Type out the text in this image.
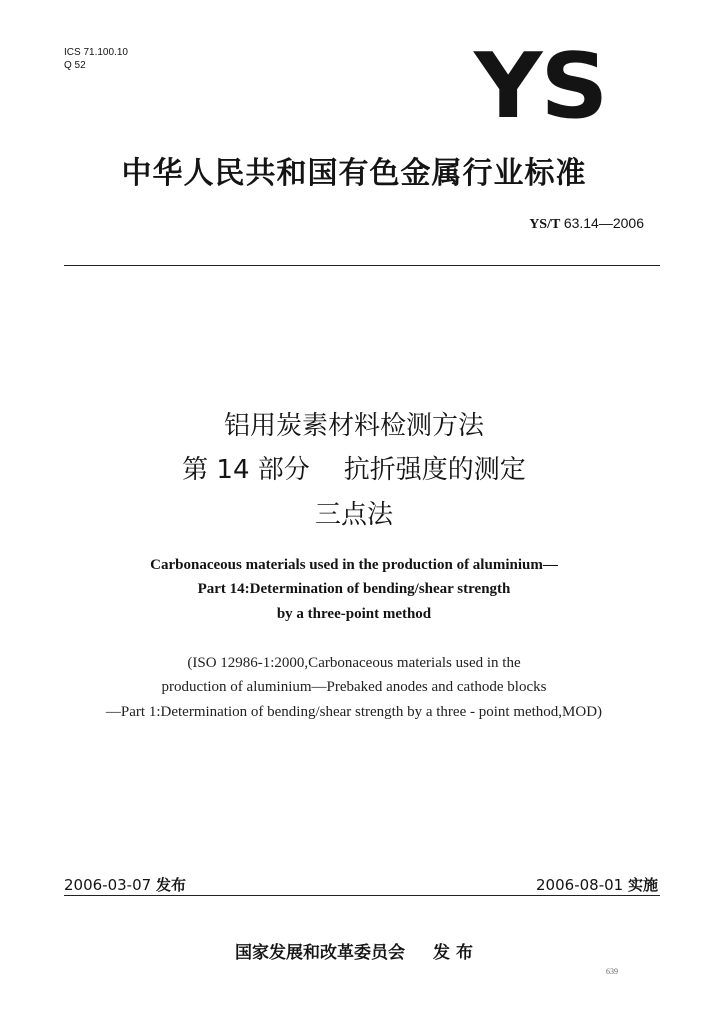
ICS 71.100.10
Q 52	YS
中华人民共和国有色金属行业标准
YS/T 63.14—2006
铝用炭素材料检测方法
第 14 部分 抗折强度的测定
三点法
Carbonaceous materials used in the production of aluminium—
Part 14:Determination of bending/shear strength
by a three-point method
(ISO 12986-1:2000,Carbonaceous materials used in the
production of aluminium—Prebaked anodes and cathode blocks
—Part 1:Determination of bending/shear strength by a three - point method,MOD)
2006-03-07 发布	2006-08-01 实施
国家发展和改革委员会 发 布
639
